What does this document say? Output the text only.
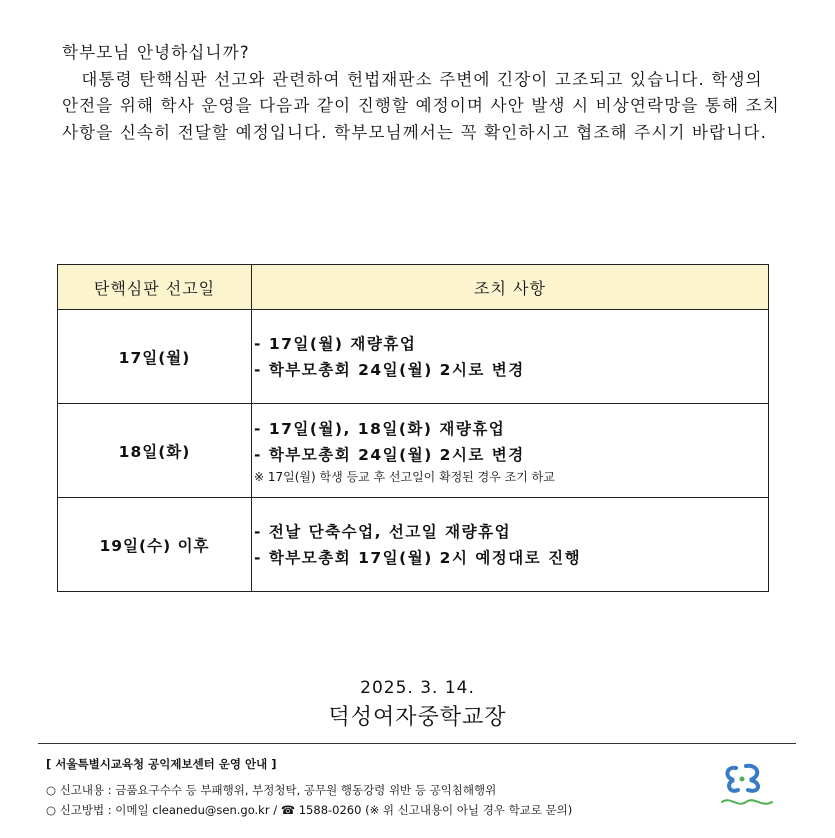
학부모님 안녕하십니까?

대통령 탄핵심판 선고와 관련하여 헌법재판소 주변에 긴장이 고조되고 있습니다. 학생의 안전을 위해 학사 운영을 다음과 같이 진행할 예정이며 사안 발생 시 비상연락망을 통해 조치사항을 신속히 전달할 예정입니다. 학부모님께서는 꼭 확인하시고 협조해 주시기 바랍니다.

탄핵심판 선고일	조치 사항
17일(월)	- 17일(월) 재량휴업
- 학부모총회 24일(월) 2시로 변경

18일(화)	- 17일(월), 18일(화) 재량휴업
- 학부모총회 24일(월) 2시로 변경
※ 17일(월) 학생 등교 후 선고일이 확정된 경우 조기 하교

19일(수) 이후	- 전날 단축수업, 선고일 재량휴업
- 학부모총회 17일(월) 2시 예정대로 진행
2025. 3. 14.
덕성여자중학교장
[ 서울특별시교육청 공익제보센터 운영 안내 ]
○ 신고내용 : 금품요구수수 등 부패행위, 부정청탁, 공무원 행동강령 위반 등 공익침해행위
○ 신고방법 : 이메일 cleanedu@sen.go.kr / ☎ 1588-0260 (※ 위 신고내용이 아닐 경우 학교로 문의)
